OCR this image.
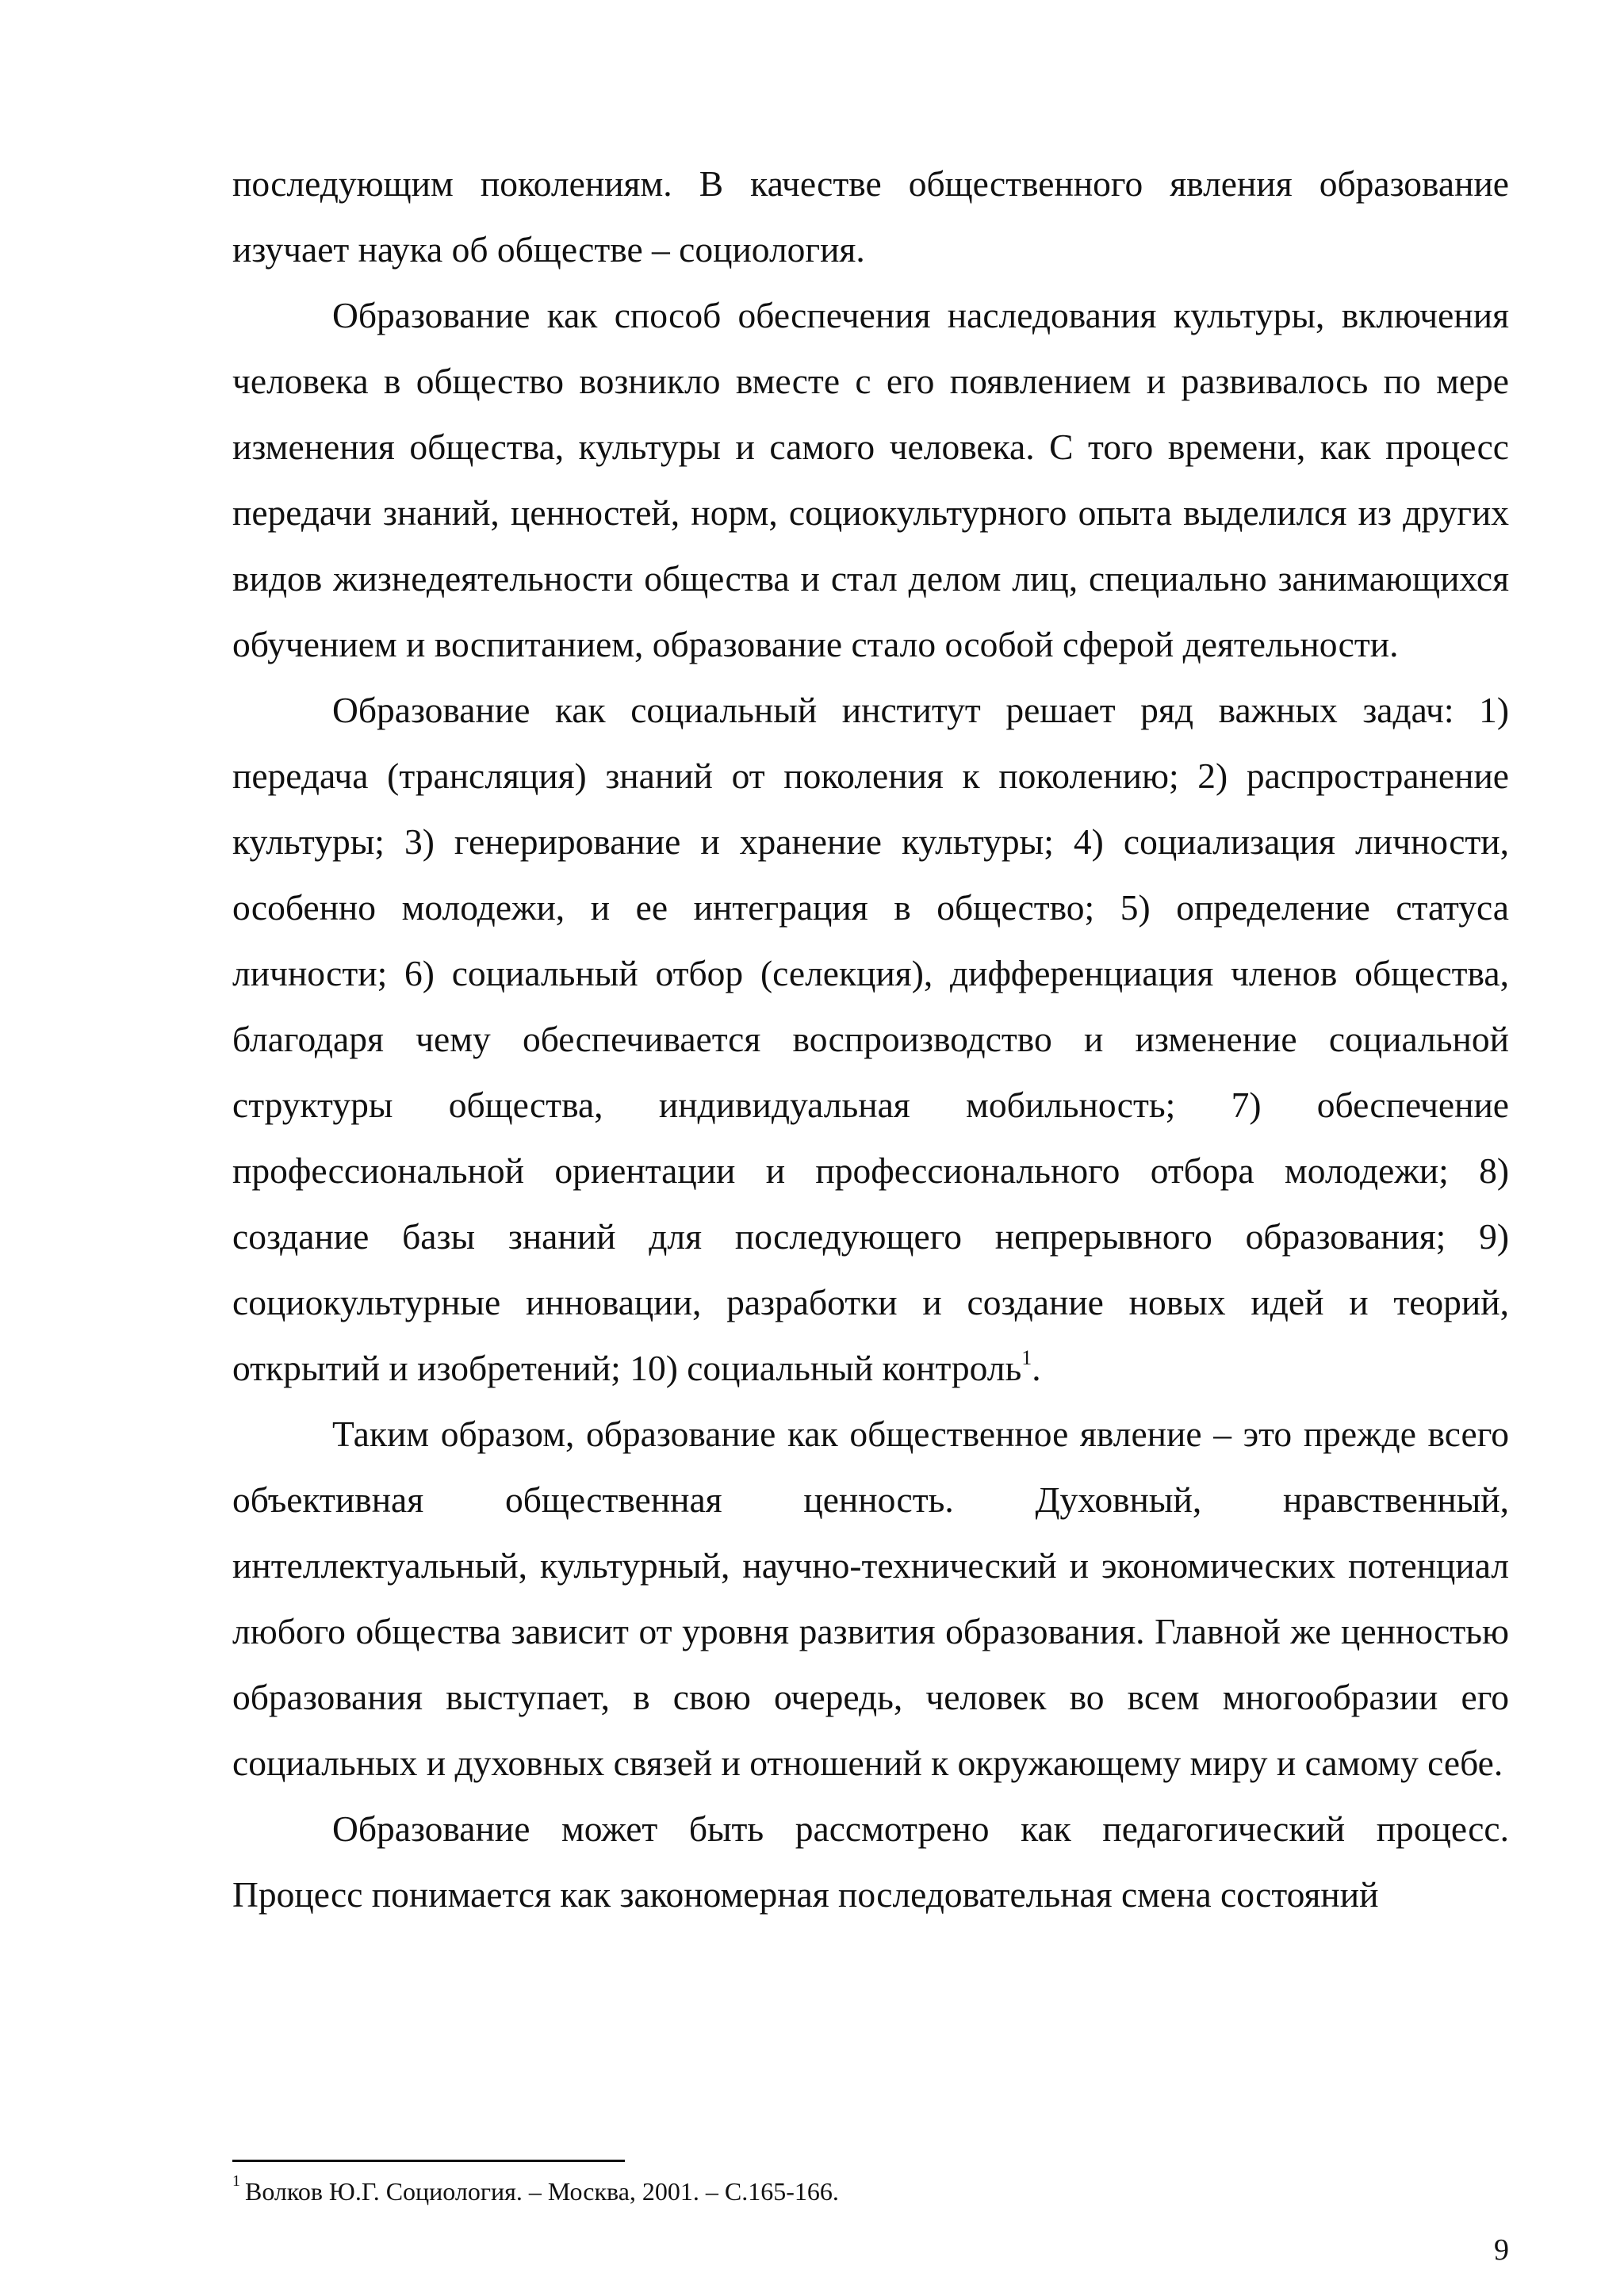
последующим поколениям. В качестве общественного явления образование изучает наука об обществе – социология.

Образование как способ обеспечения наследования культуры, включения человека в общество возникло вместе с его появлением и развивалось по мере изменения общества, культуры и самого человека. С того времени, как процесс передачи знаний, ценностей, норм, социокультурного опыта выделился из других видов жизнедеятельности общества и стал делом лиц, специально занимающихся обучением и воспитанием, образование стало особой сферой деятельности.

Образование как социальный институт решает ряд важных задач: 1) передача (трансляция) знаний от поколения к поколению; 2) распространение культуры; 3) генерирование и хранение культуры; 4) социализация личности, особенно молодежи, и ее интеграция в общество; 5) определение статуса личности; 6) социальный отбор (селекция), дифференциация членов общества, благодаря чему обеспечивается воспроизводство и изменение социальной структуры общества, индивидуальная мобильность; 7) обеспечение профессиональной ориентации и профессионального отбора молодежи; 8) создание базы знаний для последующего непрерывного образования; 9) социокультурные инновации, разработки и создание новых идей и теорий, открытий и изобретений; 10) социальный контроль$^1$.

Таким образом, образование как общественное явление – это прежде всего объективная общественная ценность. Духовный, нравственный, интеллектуальный, культурный, научно-технический и экономических потенциал любого общества зависит от уровня развития образования. Главной же ценностью образования выступает, в свою очередь, человек во всем многообразии его социальных и духовных связей и отношений к окружающему миру и самому себе.

Образование может быть рассмотрено как педагогический процесс. Процесс понимается как закономерная последовательная смена состояний

$^1$ Волков Ю.Г. Социология. – Москва, 2001. – С.165-166.
9
